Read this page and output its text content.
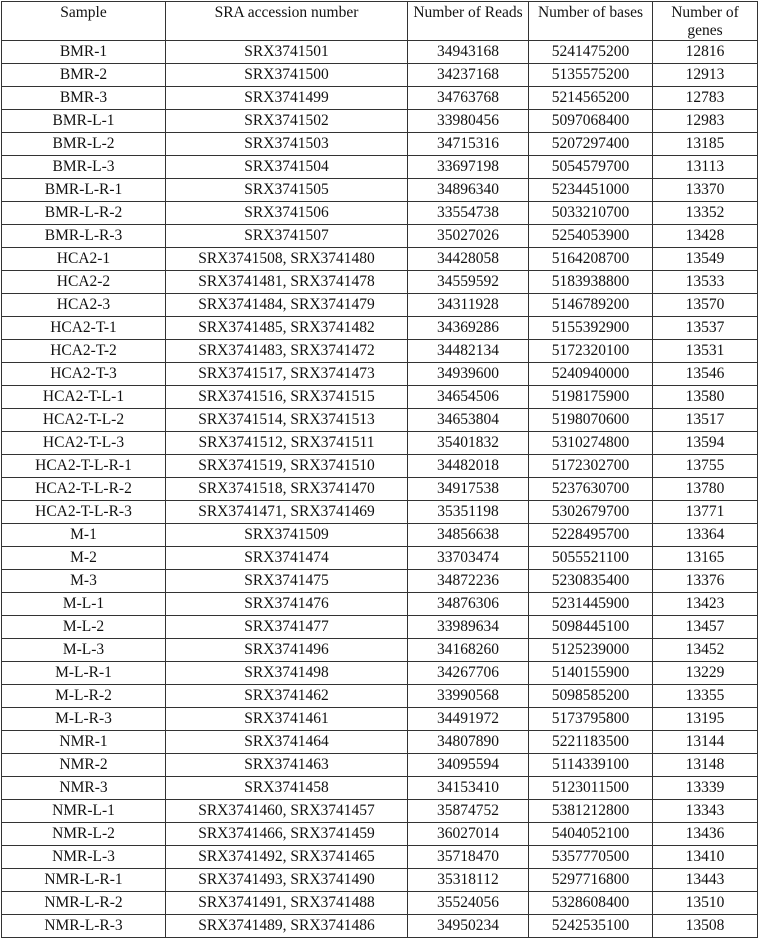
Sample	SRA accession number	Number of Reads	Number of bases	Number of genes
BMR-1	SRX3741501	34943168	5241475200	12816
BMR-2	SRX3741500	34237168	5135575200	12913
BMR-3	SRX3741499	34763768	5214565200	12783
BMR-L-1	SRX3741502	33980456	5097068400	12983
BMR-L-2	SRX3741503	34715316	5207297400	13185
BMR-L-3	SRX3741504	33697198	5054579700	13113
BMR-L-R-1	SRX3741505	34896340	5234451000	13370
BMR-L-R-2	SRX3741506	33554738	5033210700	13352
BMR-L-R-3	SRX3741507	35027026	5254053900	13428
HCA2-1	SRX3741508, SRX3741480	34428058	5164208700	13549
HCA2-2	SRX3741481, SRX3741478	34559592	5183938800	13533
HCA2-3	SRX3741484, SRX3741479	34311928	5146789200	13570
HCA2-T-1	SRX3741485, SRX3741482	34369286	5155392900	13537
HCA2-T-2	SRX3741483, SRX3741472	34482134	5172320100	13531
HCA2-T-3	SRX3741517, SRX3741473	34939600	5240940000	13546
HCA2-T-L-1	SRX3741516, SRX3741515	34654506	5198175900	13580
HCA2-T-L-2	SRX3741514, SRX3741513	34653804	5198070600	13517
HCA2-T-L-3	SRX3741512, SRX3741511	35401832	5310274800	13594
HCA2-T-L-R-1	SRX3741519, SRX3741510	34482018	5172302700	13755
HCA2-T-L-R-2	SRX3741518, SRX3741470	34917538	5237630700	13780
HCA2-T-L-R-3	SRX3741471, SRX3741469	35351198	5302679700	13771
M-1	SRX3741509	34856638	5228495700	13364
M-2	SRX3741474	33703474	5055521100	13165
M-3	SRX3741475	34872236	5230835400	13376
M-L-1	SRX3741476	34876306	5231445900	13423
M-L-2	SRX3741477	33989634	5098445100	13457
M-L-3	SRX3741496	34168260	5125239000	13452
M-L-R-1	SRX3741498	34267706	5140155900	13229
M-L-R-2	SRX3741462	33990568	5098585200	13355
M-L-R-3	SRX3741461	34491972	5173795800	13195
NMR-1	SRX3741464	34807890	5221183500	13144
NMR-2	SRX3741463	34095594	5114339100	13148
NMR-3	SRX3741458	34153410	5123011500	13339
NMR-L-1	SRX3741460, SRX3741457	35874752	5381212800	13343
NMR-L-2	SRX3741466, SRX3741459	36027014	5404052100	13436
NMR-L-3	SRX3741492, SRX3741465	35718470	5357770500	13410
NMR-L-R-1	SRX3741493, SRX3741490	35318112	5297716800	13443
NMR-L-R-2	SRX3741491, SRX3741488	35524056	5328608400	13510
NMR-L-R-3	SRX3741489, SRX3741486	34950234	5242535100	13508
